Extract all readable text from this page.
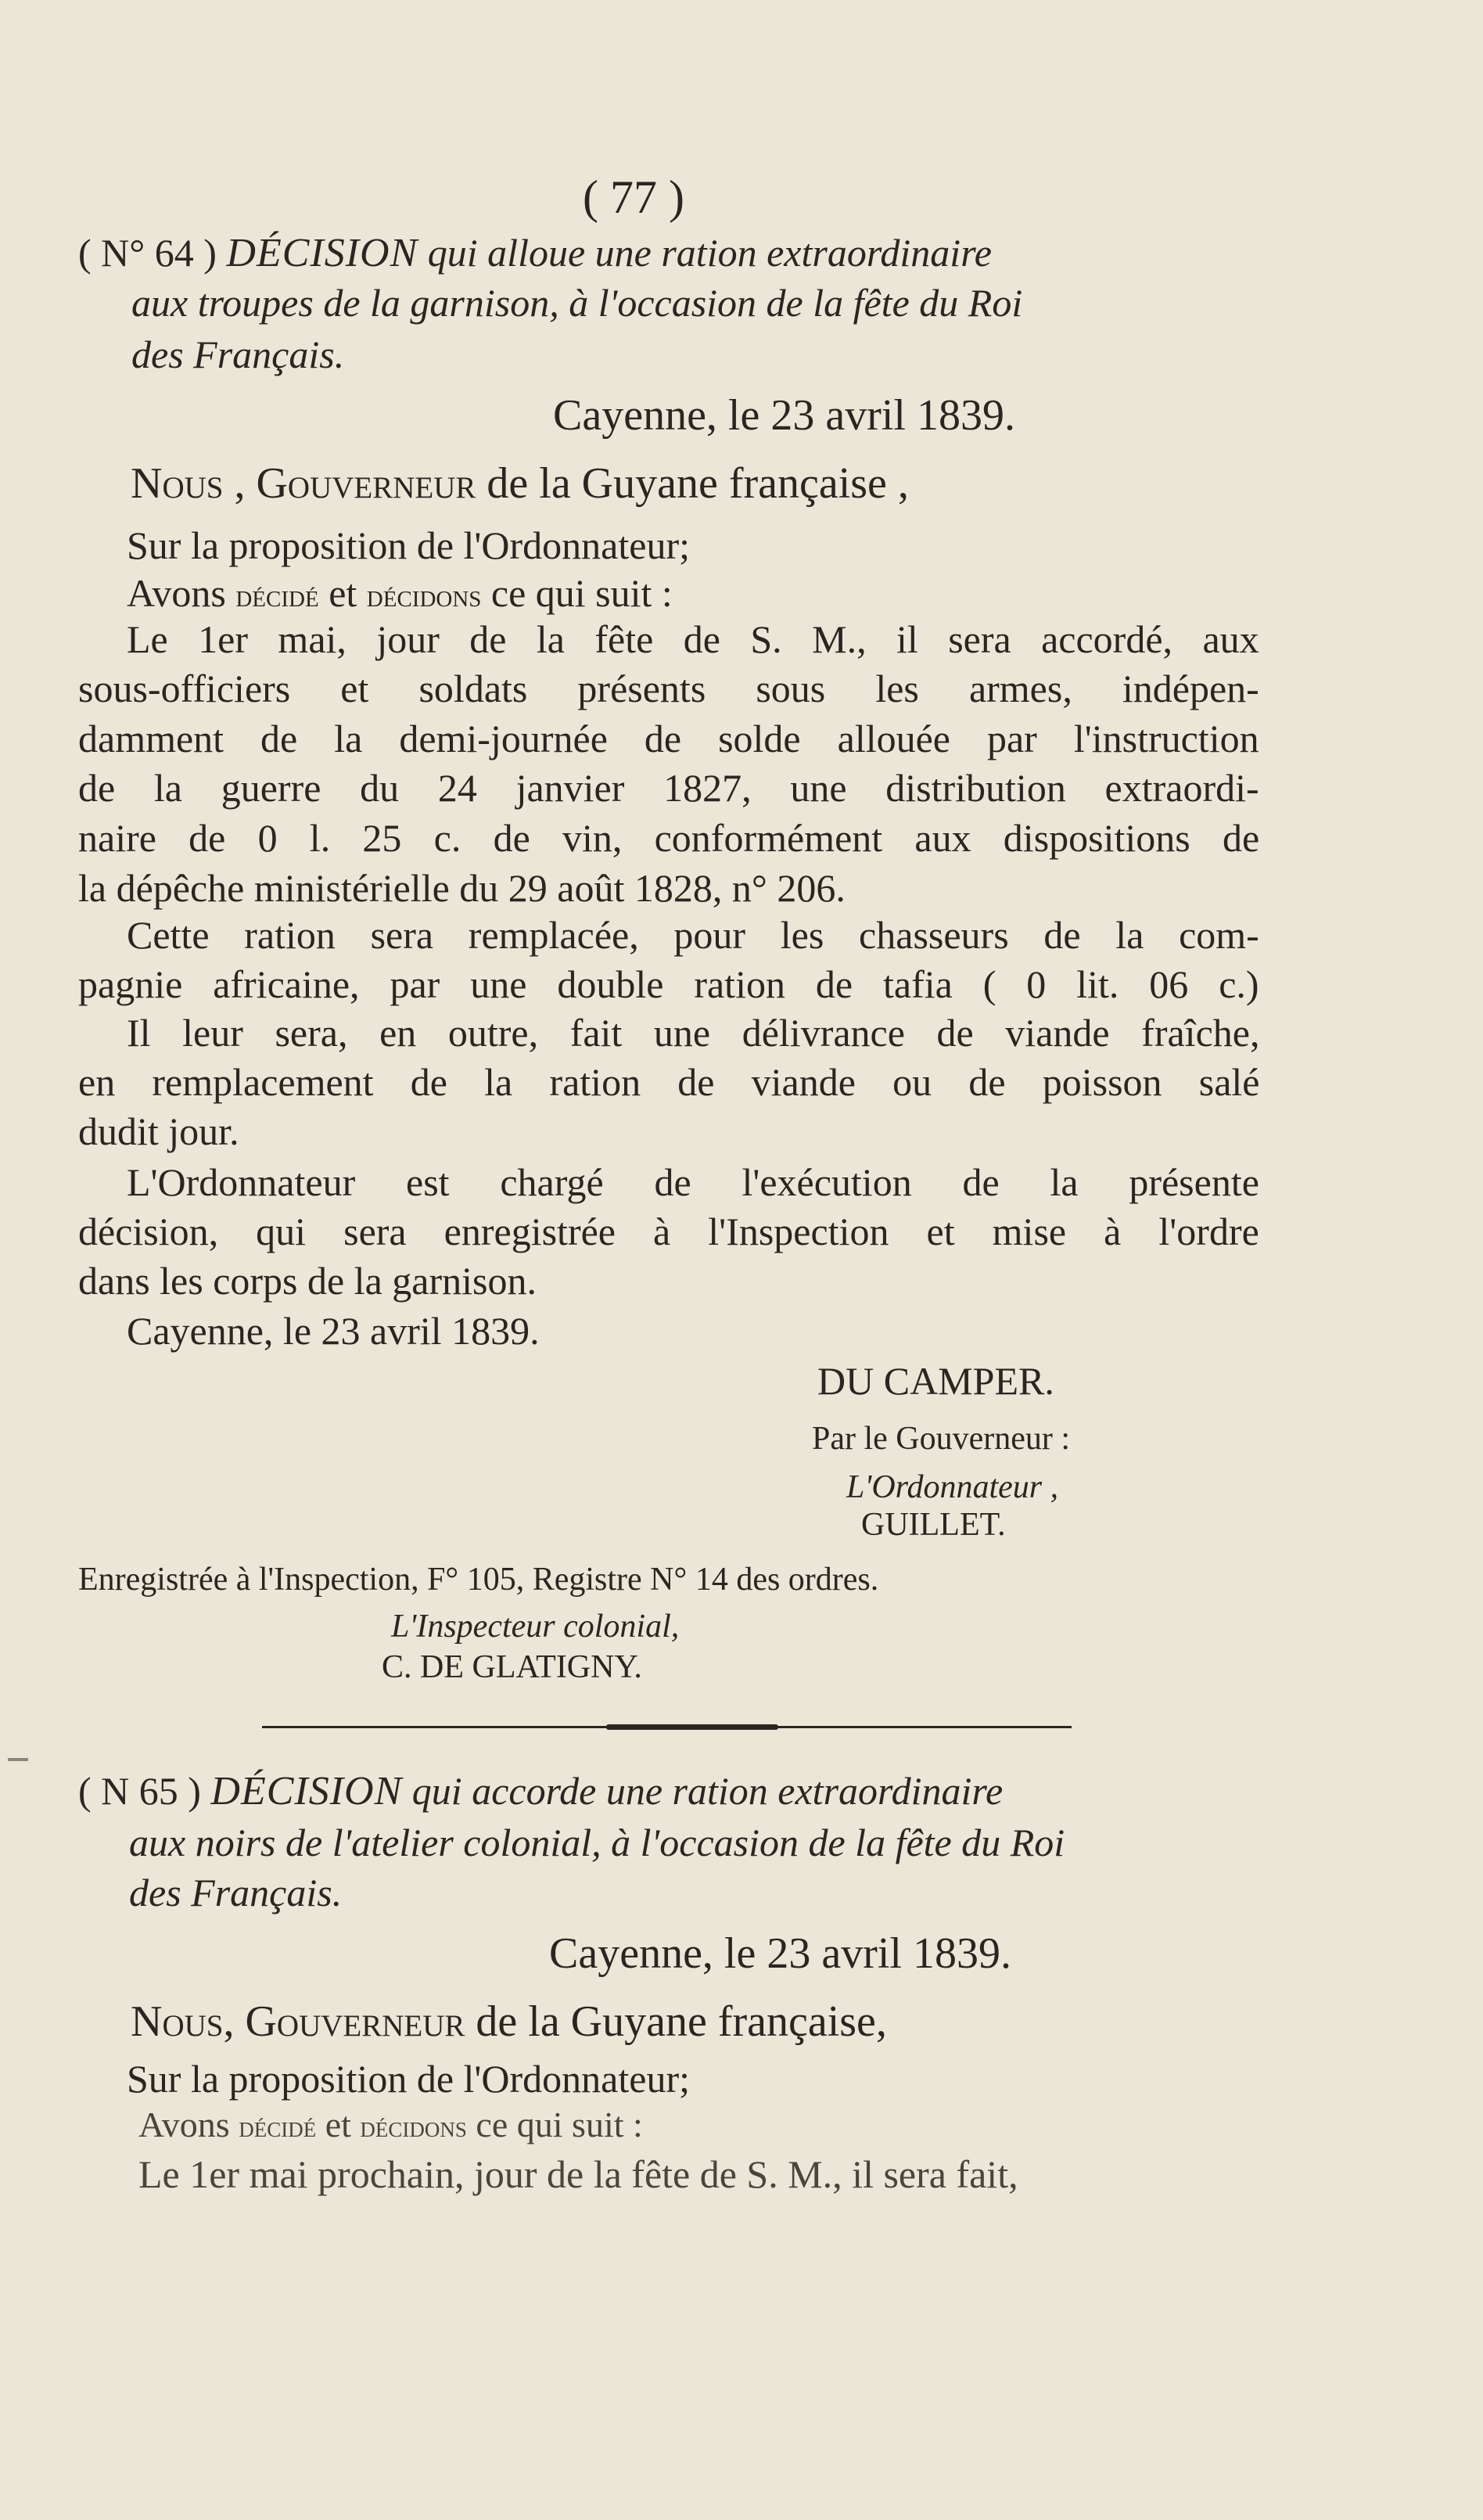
( 77 )
( N° 64 ) DÉCISION qui alloue une ration extraordinaire
aux troupes de la garnison, à l'occasion de la fête du Roi
des Français.
Cayenne, le 23 avril 1839.
Nous , Gouverneur de la Guyane française ,
Sur la proposition de l'Ordonnateur;
Avons décidé et décidons ce qui suit :
Le 1er mai, jour de la fête de S. M., il sera accordé, aux
sous-officiers et soldats présents sous les armes, indépen-
damment de la demi-journée de solde allouée par l'instruction
de la guerre du 24 janvier 1827, une distribution extraordi-
naire de 0 l. 25 c. de vin, conformément aux dispositions de
la dépêche ministérielle du 29 août 1828, n° 206.
Cette ration sera remplacée, pour les chasseurs de la com-
pagnie africaine, par une double ration de tafia ( 0 lit. 06 c.)
Il leur sera, en outre, fait une délivrance de viande fraîche,
en remplacement de la ration de viande ou de poisson salé
dudit jour.
L'Ordonnateur est chargé de l'exécution de la présente
décision, qui sera enregistrée à l'Inspection et mise à l'ordre
dans les corps de la garnison.
Cayenne, le 23 avril 1839.
DU CAMPER.
Par le Gouverneur :
L'Ordonnateur ,
GUILLET.
Enregistrée à l'Inspection, F° 105, Registre N° 14 des ordres.
L'Inspecteur colonial,
C. DE GLATIGNY.
( N 65 ) DÉCISION qui accorde une ration extraordinaire
aux noirs de l'atelier colonial, à l'occasion de la fête du Roi
des Français.
Cayenne, le 23 avril 1839.
Nous, Gouverneur de la Guyane française,
Sur la proposition de l'Ordonnateur;
Avons décidé et décidons ce qui suit :
Le 1er mai prochain, jour de la fête de S. M., il sera fait,
